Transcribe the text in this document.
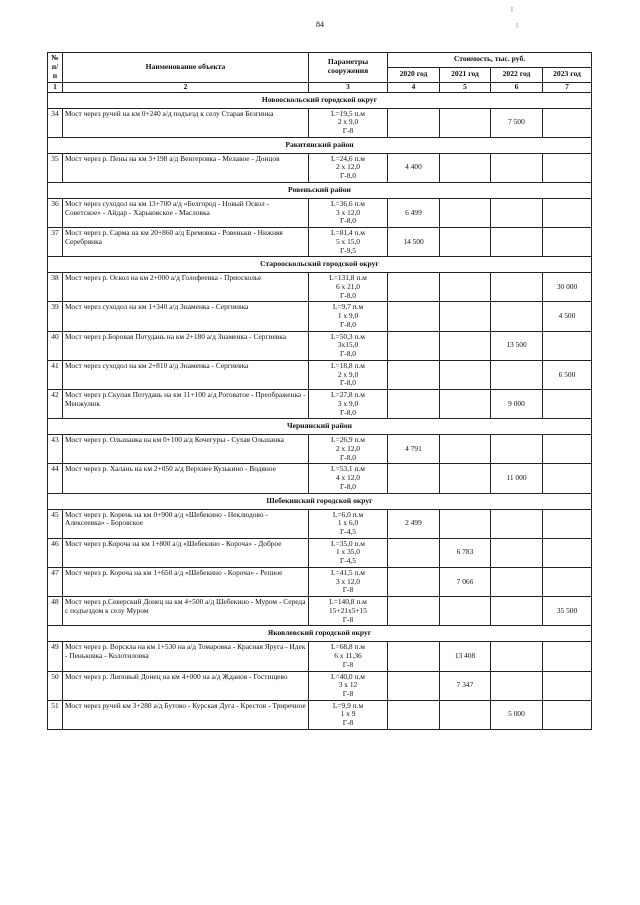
84
№ п/п	Наименование объекта	Параметры сооружения	Стоимость, тыс. руб.			
			2020 год	2021 год	2022 год	2023 год
1	2	3	4	5	6	7
Новооскольский городской округ						
34	Мост через ручей на км 0+240 а/д подъезд к селу Старая Безгинка	L=19,5 п.м
2 x 9,0
Г-8			7 500	
Ракитянский район						
35	Мост через р. Пены на км 3+198 а/д Венгеровка - Мелавое - Донцов	L=24,6 п.м
2 x 12,0
Г-8,0	4 400			
Ровеньский район						
36	Мост через суходол на км 13+700 а/д «Белгород - Новый Оскол - Советское» - Айдар - Харьковское - Масловка	L=36,6 п.м
3 x 12,0
Г-8,0	6 499			
37	Мост через р. Сарма на км 20+860 а/д Еремовка - Ровеньки - Нижняя Серебрянка	L=81,4 п.м
5 x 15,0
Г-9,5	14 500			
Старооскольский городской округ						
38	Мост через р. Оскол на км 2+000 а/д Голофеевка - Приосколье	L=131,8 п.м
6 x 21,0
Г-8,0				30 000
39	Мост через суходол на км 1+340 а/д Знаменка - Сергиевка	L=9,7 п.м
1 x 9,0
Г-8,0				4 500
40	Мост через р.Боровая Потудань на км 2+180 а/д Знаменка - Сергиевка	L=50,3 п.м
3x15,0
Г-8,0			13 500	
41	Мост через суходол на км 2+810 а/д Знаменка - Сергиевка	L=18,8 п.м
2 x 9,0
Г-8,0				6 500
42	Мост через р.Скупая Потудань на км 11+100 а/д Роговатое - Преображенка - Менжулюк	L=27,8 п.м
3 x 9,0
Г-8,0			9 000	
Чернянский район						
43	Мост через р. Ольшанка на км 0+100 а/д Кочегуры - Сухая Ольшанка	L=26,9 п.м
2 x 12,0
Г-8,0	4 791			
44	Мост через р. Халань на км 2+050 а/д Верхнее Кузькино - Водяное	L=53,1 п.м
4 x 12,0
Г-8,0			11 000	
Шебекинский городской округ						
45	Мост через р. Корень на км 0+900 а/д «Шебекино - Неклюдово - Алексеевка» - Боровское	L=6,0 п.м
1 x 6,0
Г-4,5	2 499			
46	Мост через р.Короча на км 1+800 а/д «Шебекино - Короча» - Доброе	L=35,0 п.м
1 x 35,0
Г-4,5		6 783		
47	Мост через р. Короча на км 1+650 а/д «Шебекино - Короча» - Репное	L=41,5 п.м
3 x 12,0
Г-8		7 066		
48	Мост через р.Северский Донец на км 4+500 а/д Шебекино - Муром - Середа с подъездом к селу Муром	L=140,8 п.м
15+21x5+15
Г-8				35 500
Яковлевский городской округ						
49	Мост через р. Ворскла на км 1+530 на а/д Томаровка - Красная Яруга - Идек - Пеньковка - Колотиловка	L=68,8 п.м
6 x 11,36
Г-8		13 408		
50	Мост через р. Липовый Донец на км 4+000 на а/д Жданов - Гостищево	L=40,0 п.м
3 x 12
Г-8		7 347		
51	Мост через ручей км 3+280 а/д Бутово - Курская Дуга - Крестов - Триречное	L=9,9 п.м
1 x 9
Г-8			5 000	
⁞
⁝
